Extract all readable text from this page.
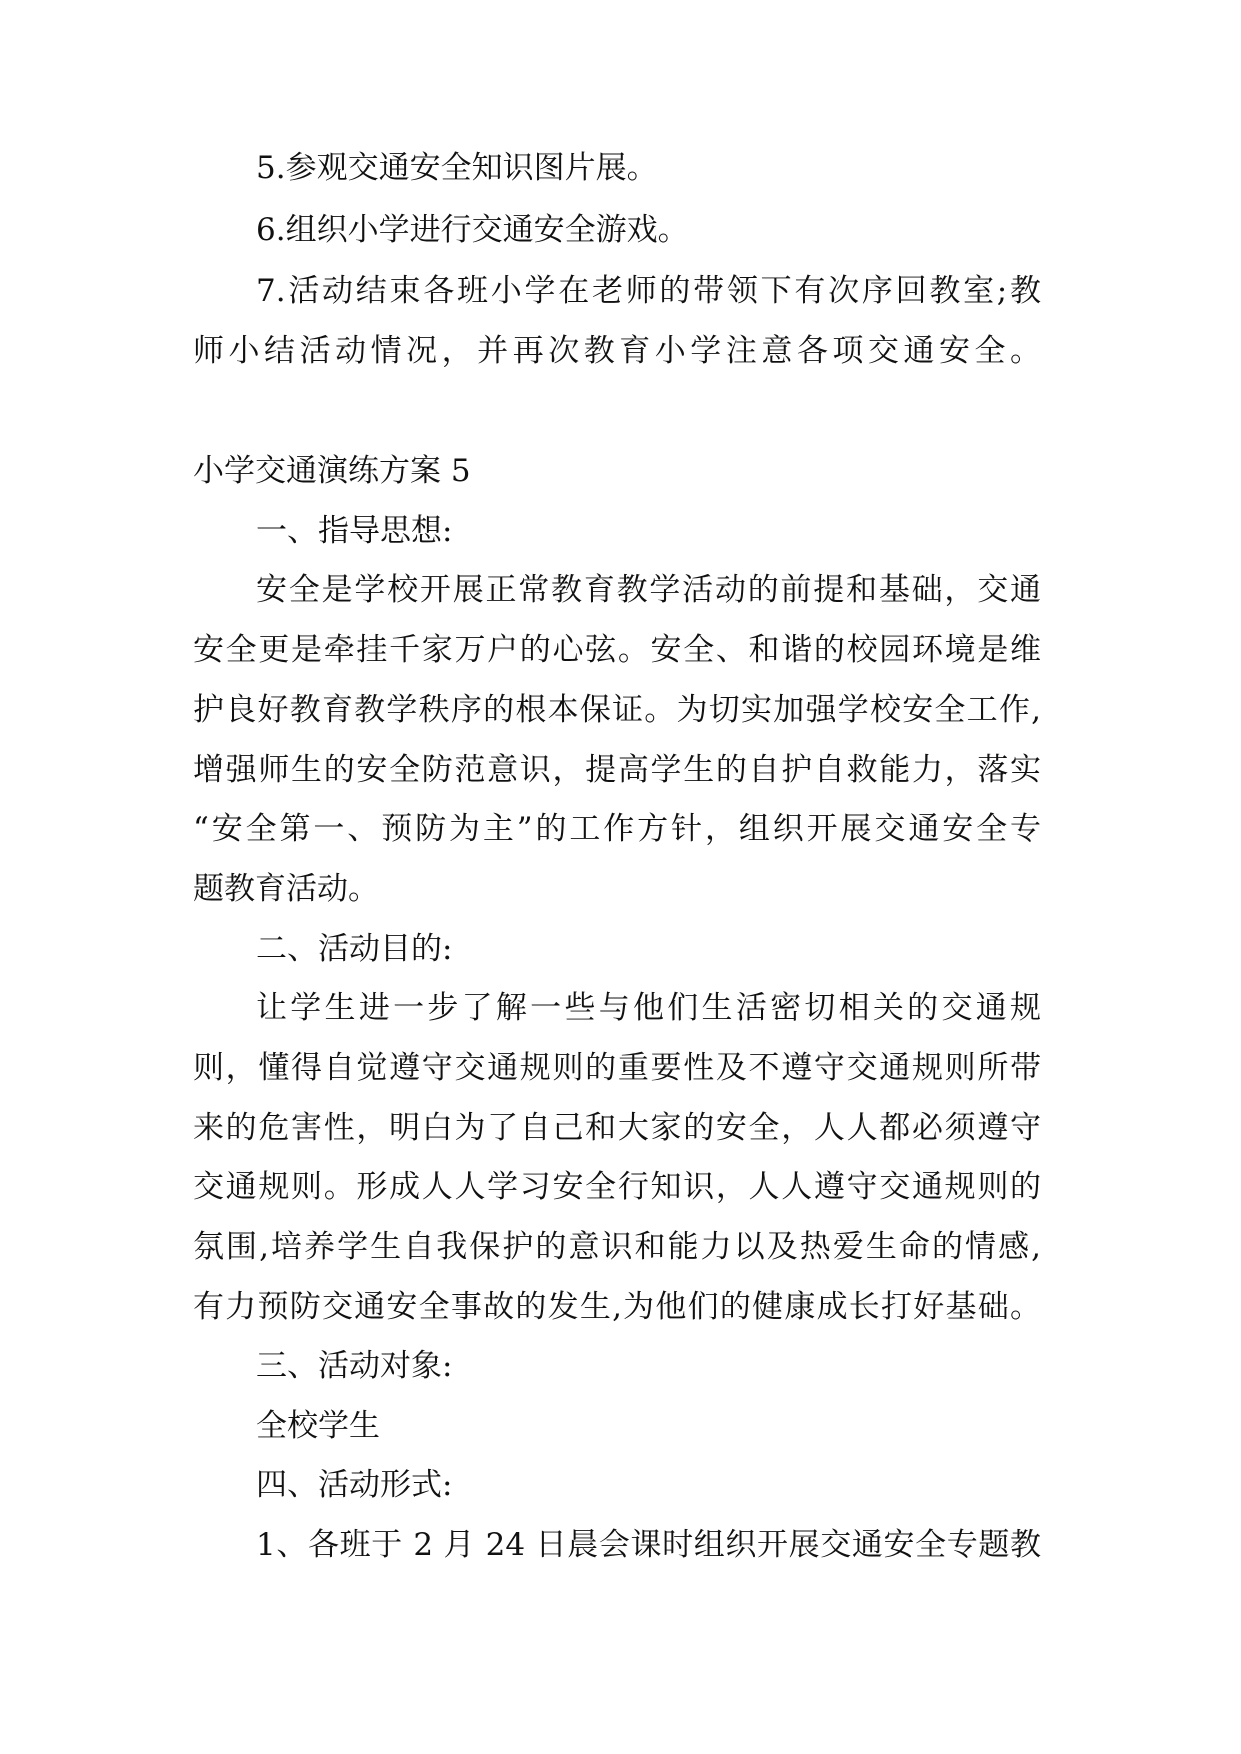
5.参观交通安全知识图片展。

6.组织小学进行交通安全游戏。

7.活动结束各班小学在老师的带领下有次序回教室;教

师小结活动情况，并再次教育小学注意各项交通安全。

小学交通演练方案 5

一、指导思想:

安全是学校开展正常教育教学活动的前提和基础，交通

安全更是牵挂千家万户的心弦。安全、和谐的校园环境是维

护良好教育教学秩序的根本保证。为切实加强学校安全工作,

增强师生的安全防范意识，提高学生的自护自救能力，落实

“安全第一、预防为主”的工作方针，组织开展交通安全专

题教育活动。

二、活动目的:

让学生进一步了解一些与他们生活密切相关的交通规

则，懂得自觉遵守交通规则的重要性及不遵守交通规则所带

来的危害性，明白为了自己和大家的安全，人人都必须遵守

交通规则。形成人人学习安全行知识，人人遵守交通规则的

氛围,培养学生自我保护的意识和能力以及热爱生命的情感,

有力预防交通安全事故的发生,为他们的健康成长打好基础。

三、活动对象:

全校学生

四、活动形式:

1、各班于 2 月 24 日晨会课时组织开展交通安全专题教
